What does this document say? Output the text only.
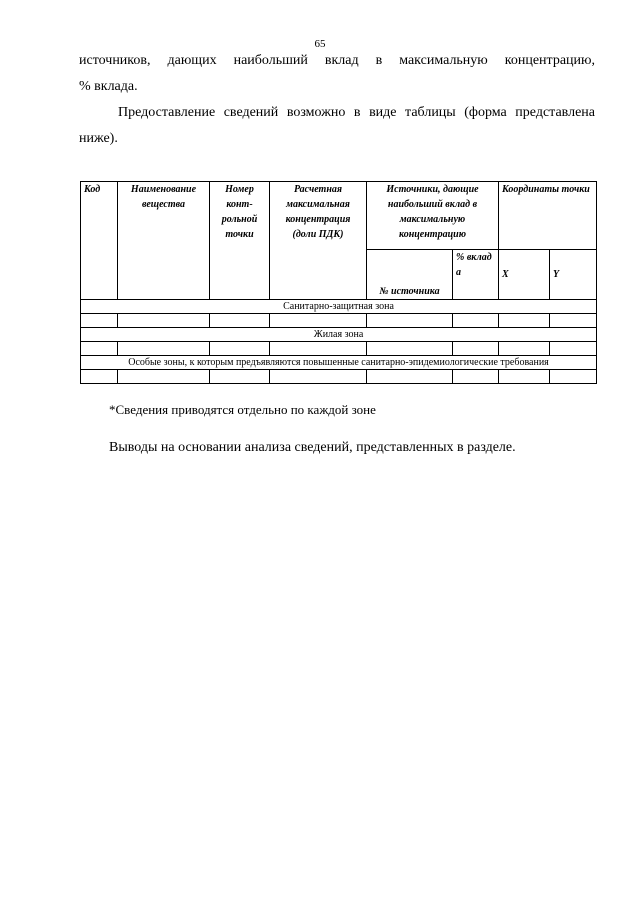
65
источников, дающих наибольший вклад в максимальную концентрацию,
% вклада.
Предоставление сведений возможно в виде таблицы (форма представлена
ниже).
Код	Наименование вещества	Номер конт-рольной точки	Расчетная максимальная концентрация (доли ПДК)	Источники, дающие наибольший вклад в максимальную концентрацию		Координаты точки	
				№ источника	% вклад а	X	Y
Санитарно-защитная зона							

Жилая зона							

Особые зоны, к которым предъявляются повышенные санитарно-эпидемиологические требования							

*Сведения приводятся отдельно по каждой зоне
Выводы на основании анализа сведений, представленных в разделе.
